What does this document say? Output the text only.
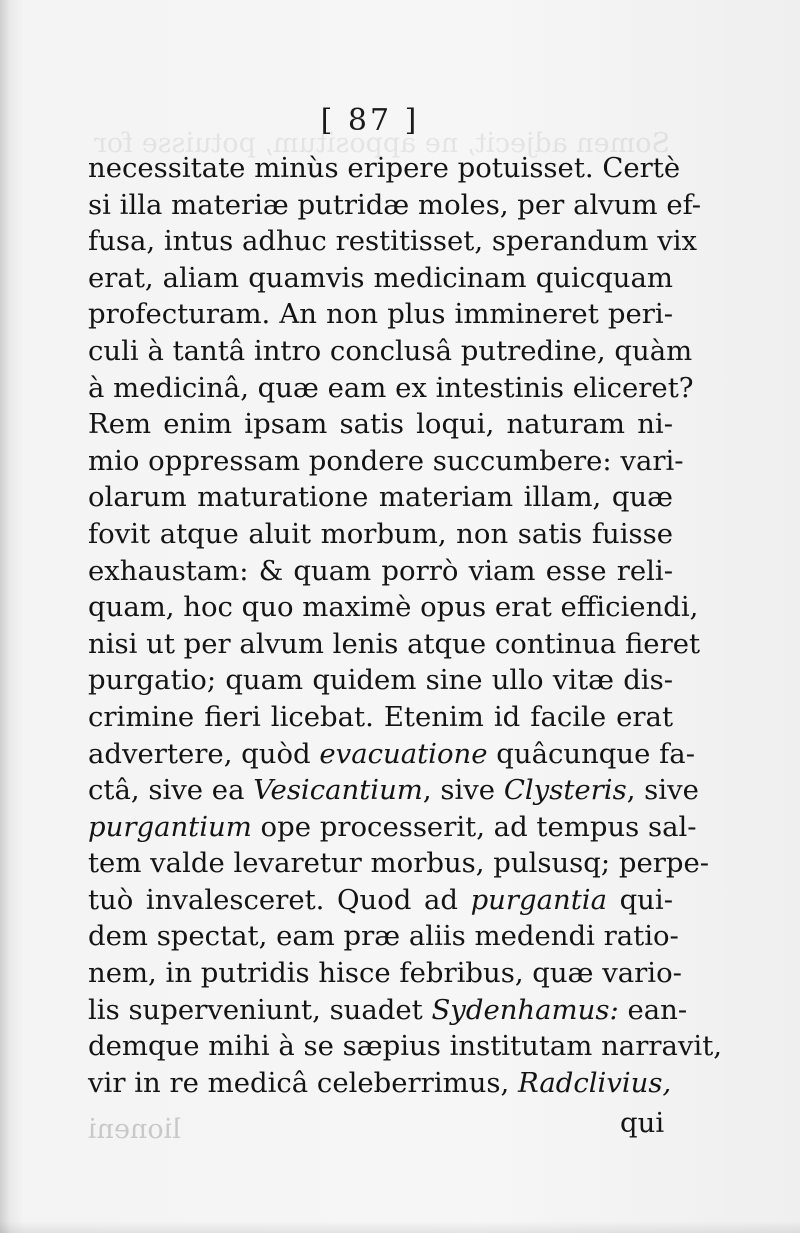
Somen adjecit, ne appositum, potuisse for
[ 87 ]
necessitate minùs eripere potuisset. Certè
si illa materiæ putridæ moles, per alvum ef-
fusa, intus adhuc restitisset, sperandum vix
erat, aliam quamvis medicinam quicquam
profecturam. An non plus immineret peri-
culi à tantâ intro conclusâ putredine, quàm
à medicinâ, quæ eam ex intestinis eliceret?
Rem enim ipsam satis loqui, naturam ni-
mio oppressam pondere succumbere: vari-
olarum maturatione materiam illam, quæ
fovit atque aluit morbum, non satis fuisse
exhaustam: & quam porrò viam esse reli-
quam, hoc quo maximè opus erat efficiendi,
nisi ut per alvum lenis atque continua fieret
purgatio; quam quidem sine ullo vitæ dis-
crimine fieri licebat. Etenim id facile erat
advertere, quòd evacuatione quâcunque fa-
ctâ, sive ea Vesicantium, sive Clysteris, sive
purgantium ope processerit, ad tempus sal-
tem valde levaretur morbus, pulsusq; perpe-
tuò invalesceret. Quod ad purgantia qui-
dem spectat, eam præ aliis medendi ratio-
nem, in putridis hisce febribus, quæ vario-
lis superveniunt, suadet Sydenhamus: ean-
demque mihi à se sæpius institutam narravit,
vir in re medicâ celeberrimus, Radclivius,
lioneni	qui
